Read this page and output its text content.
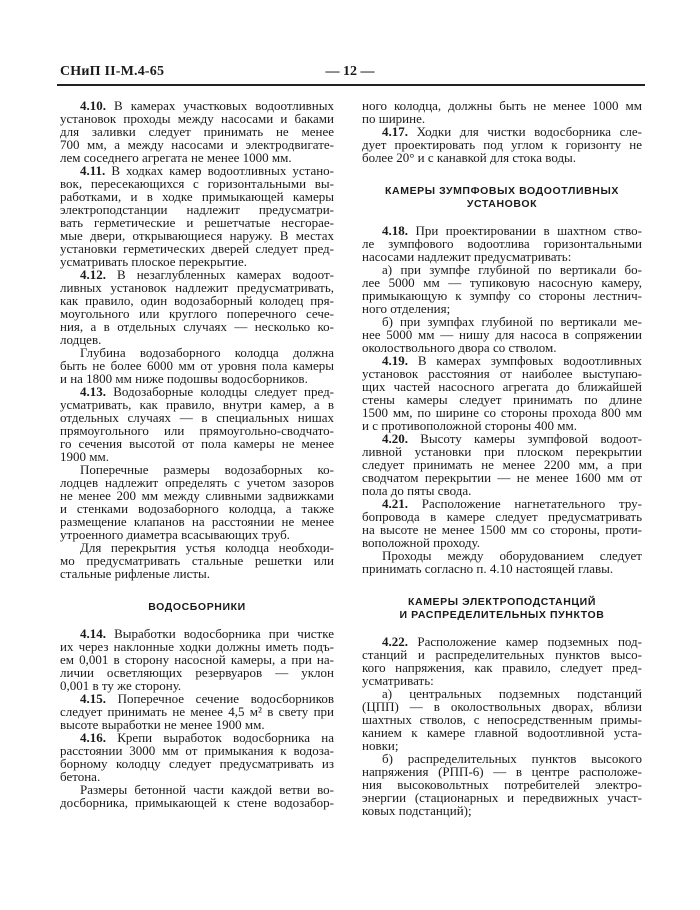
СНиП II-М.4-65	— 12 —
4.10. В камерах участковых водоотливных
установок проходы между насосами и баками
для заливки следует принимать не менее
700 мм, а между насосами и электродвигате-
лем соседнего агрегата не менее 1000 мм.
4.11. В ходках камер водоотливных устано-
вок, пересекающихся с горизонтальными вы-
работками, и в ходке примыкающей камеры
электроподстанции надлежит предусматри-
вать герметические и решетчатые несгорае-
мые двери, открывающиеся наружу. В местах
установки герметических дверей следует пред-
усматривать плоское перекрытие.
4.12. В незаглубленных камерах водоот-
ливных установок надлежит предусматривать,
как правило, один водозаборный колодец пря-
моугольного или круглого поперечного сече-
ния, а в отдельных случаях — несколько ко-
лодцев.
Глубина водозаборного колодца должна
быть не более 6000 мм от уровня пола камеры
и на 1800 мм ниже подошвы водосборников.
4.13. Водозаборные колодцы следует пред-
усматривать, как правило, внутри камер, а в
отдельных случаях — в специальных нишах
прямоугольного или прямоугольно-сводчато-
го сечения высотой от пола камеры не менее
1900 мм.
Поперечные размеры водозаборных ко-
лодцев надлежит определять с учетом зазоров
не менее 200 мм между сливными задвижками
и стенками водозаборного колодца, а также
размещение клапанов на расстоянии не менее
утроенного диаметра всасывающих труб.
Для перекрытия устья колодца необходи-
мо предусматривать стальные решетки или
стальные рифленые листы.
ВОДОСБОРНИКИ
4.14. Выработки водосборника при чистке
их через наклонные ходки должны иметь подъ-
ем 0,001 в сторону насосной камеры, а при на-
личии осветляющих резервуаров — уклон
0,001 в ту же сторону.
4.15. Поперечное сечение водосборников
следует принимать не менее 4,5 м² в свету при
высоте выработки не менее 1900 мм.
4.16. Крепи выработок водосборника на
расстоянии 3000 мм от примыкания к водоза-
борному колодцу следует предусматривать из
бетона.
Размеры бетонной части каждой ветви во-
досборника, примыкающей к стене водозабор-
ного колодца, должны быть не менее 1000 мм
по ширине.
4.17. Ходки для чистки водосборника сле-
дует проектировать под углом к горизонту не
более 20° и с канавкой для стока воды.
КАМЕРЫ ЗУМПФОВЫХ ВОДООТЛИВНЫХ
УСТАНОВОК
4.18. При проектировании в шахтном ство-
ле зумпфового водоотлива горизонтальными
насосами надлежит предусматривать:
а) при зумпфе глубиной по вертикали бо-
лее 5000 мм — тупиковую насосную камеру,
примыкающую к зумпфу со стороны лестнич-
ного отделения;
б) при зумпфах глубиной по вертикали ме-
нее 5000 мм — нишу для насоса в сопряжении
околоствольного двора со стволом.
4.19. В камерах зумпфовых водоотливных
установок расстояния от наиболее выступаю-
щих частей насосного агрегата до ближайшей
стены камеры следует принимать по длине
1500 мм, по ширине со стороны прохода 800 мм
и с противоположной стороны 400 мм.
4.20. Высоту камеры зумпфовой водоот-
ливной установки при плоском перекрытии
следует принимать не менее 2200 мм, а при
сводчатом перекрытии — не менее 1600 мм от
пола до пяты свода.
4.21. Расположение нагнетательного тру-
бопровода в камере следует предусматривать
на высоте не менее 1500 мм со стороны, проти-
воположной проходу.
Проходы между оборудованием следует
принимать согласно п. 4.10 настоящей главы.
КАМЕРЫ ЭЛЕКТРОПОДСТАНЦИЙ
И РАСПРЕДЕЛИТЕЛЬНЫХ ПУНКТОВ
4.22. Расположение камер подземных под-
станций и распределительных пунктов высо-
кого напряжения, как правило, следует пред-
усматривать:
а) центральных подземных подстанций
(ЦПП) — в околоствольных дворах, вблизи
шахтных стволов, с непосредственным примы-
канием к камере главной водоотливной уста-
новки;
б) распределительных пунктов высокого
напряжения (РПП-6) — в центре расположе-
ния высоковольтных потребителей электро-
энергии (стационарных и передвижных участ-
ковых подстанций);
